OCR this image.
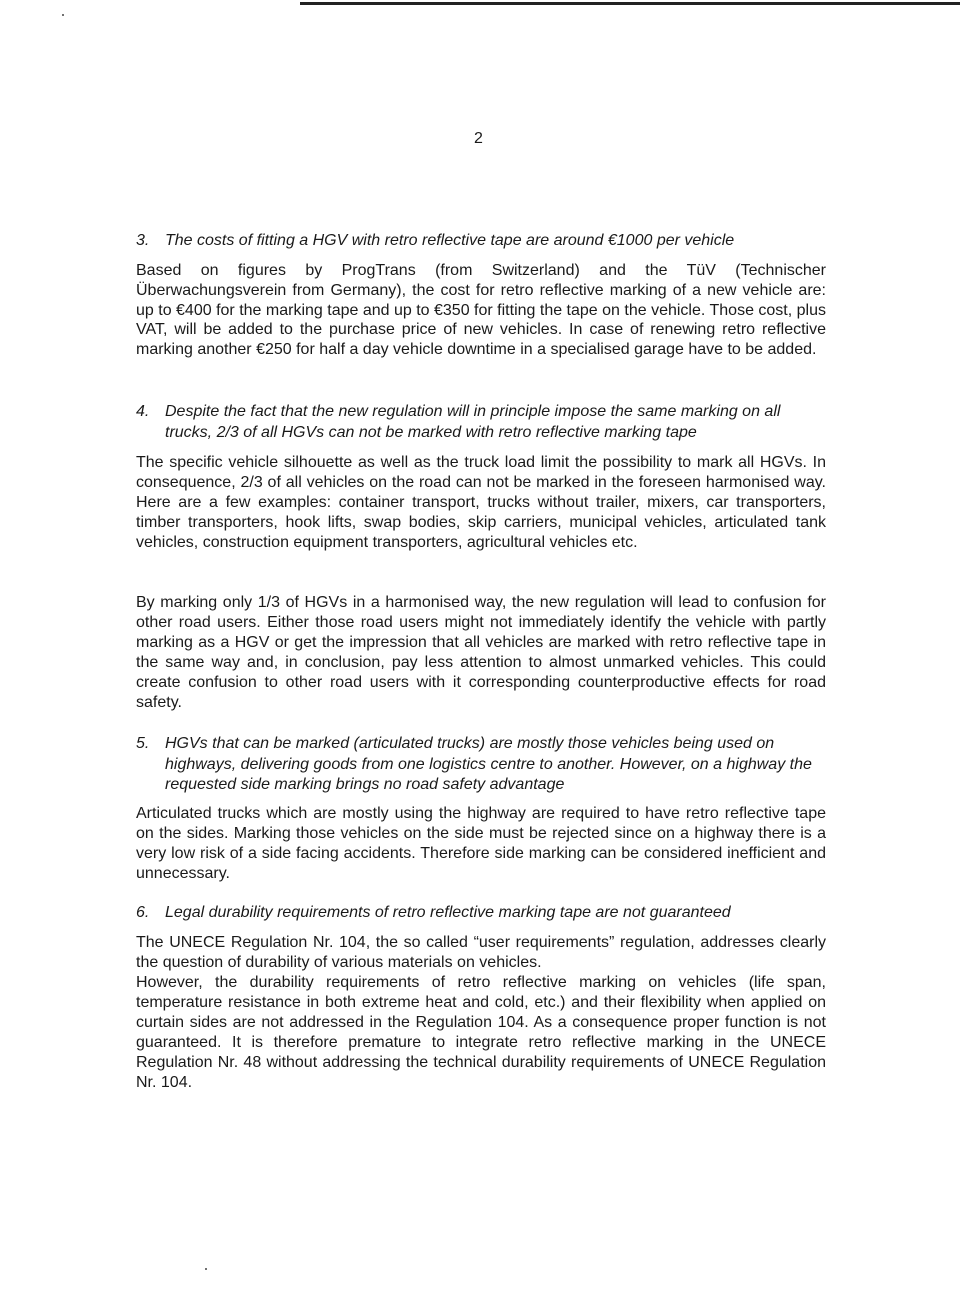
2
3. The costs of fitting a HGV with retro reflective tape are around €1000 per vehicle
Based on figures by ProgTrans (from Switzerland) and the TüV (Technischer Überwachungsverein from Germany), the cost for retro reflective marking of a new vehicle are: up to €400 for the marking tape and up to €350 for fitting the tape on the vehicle. Those cost, plus VAT, will be added to the purchase price of new vehicles. In case of renewing retro reflective marking another €250 for half a day vehicle downtime in a specialised garage have to be added.
4. Despite the fact that the new regulation will in principle impose the same marking on all trucks, 2/3 of all HGVs can not be marked with retro reflective marking tape
The specific vehicle silhouette as well as the truck load limit the possibility to mark all HGVs. In consequence, 2/3 of all vehicles on the road can not be marked in the foreseen harmonised way. Here are a few examples: container transport, trucks without trailer, mixers, car transporters, timber transporters, hook lifts, swap bodies, skip carriers, municipal vehicles, articulated tank vehicles, construction equipment transporters, agricultural vehicles etc.
By marking only 1/3 of HGVs in a harmonised way, the new regulation will lead to confusion for other road users. Either those road users might not immediately identify the vehicle with partly marking as a HGV or get the impression that all vehicles are marked with retro reflective tape in the same way and, in conclusion, pay less attention to almost unmarked vehicles. This could create confusion to other road users with it corresponding counterproductive effects for road safety.
5. HGVs that can be marked (articulated trucks) are mostly those vehicles being used on highways, delivering goods from one logistics centre to another. However, on a highway the requested side marking brings no road safety advantage
Articulated trucks which are mostly using the highway are required to have retro reflective tape on the sides. Marking those vehicles on the side must be rejected since on a highway there is a very low risk of a side facing accidents. Therefore side marking can be considered inefficient and unnecessary.
6. Legal durability requirements of retro reflective marking tape are not guaranteed
The UNECE Regulation Nr. 104, the so called “user requirements” regulation, addresses clearly the question of durability of various materials on vehicles.
However, the durability requirements of retro reflective marking on vehicles (life span, temperature resistance in both extreme heat and cold, etc.) and their flexibility when applied on curtain sides are not addressed in the Regulation 104. As a consequence proper function is not guaranteed. It is therefore premature to integrate retro reflective marking in the UNECE Regulation Nr. 48 without addressing the technical durability requirements of UNECE Regulation Nr. 104.
